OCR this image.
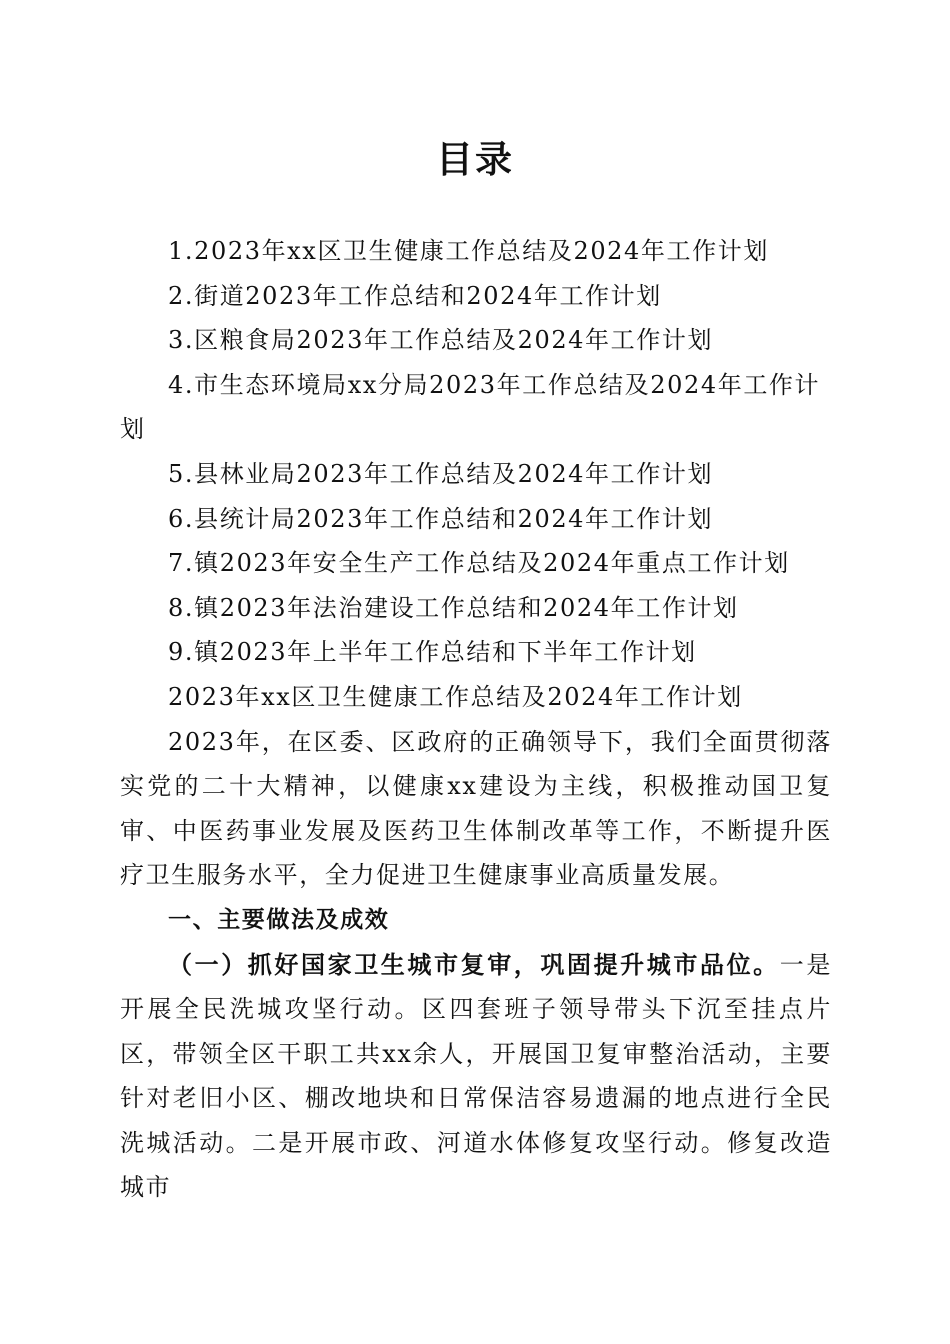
目录
1.2023年xx区卫生健康工作总结及2024年工作计划
2.街道2023年工作总结和2024年工作计划
3.区粮食局2023年工作总结及2024年工作计划
4.市生态环境局xx分局2023年工作总结及2024年工作计划
5.县林业局2023年工作总结及2024年工作计划
6.县统计局2023年工作总结和2024年工作计划
7.镇2023年安全生产工作总结及2024年重点工作计划
8.镇2023年法治建设工作总结和2024年工作计划
9.镇2023年上半年工作总结和下半年工作计划

2023年xx区卫生健康工作总结及2024年工作计划

2023年，在区委、区政府的正确领导下，我们全面贯彻落实党的二十大精神，以健康xx建设为主线，积极推动国卫复审、中医药事业发展及医药卫生体制改革等工作，不断提升医疗卫生服务水平，全力促进卫生健康事业高质量发展。

一、主要做法及成效

（一）抓好国家卫生城市复审，巩固提升城市品位。一是开展全民洗城攻坚行动。区四套班子领导带头下沉至挂点片区，带领全区干职工共xx余人，开展国卫复审整治活动，主要针对老旧小区、棚改地块和日常保洁容易遗漏的地点进行全民洗城活动。二是开展市政、河道水体修复攻坚行动。修复改造城市
